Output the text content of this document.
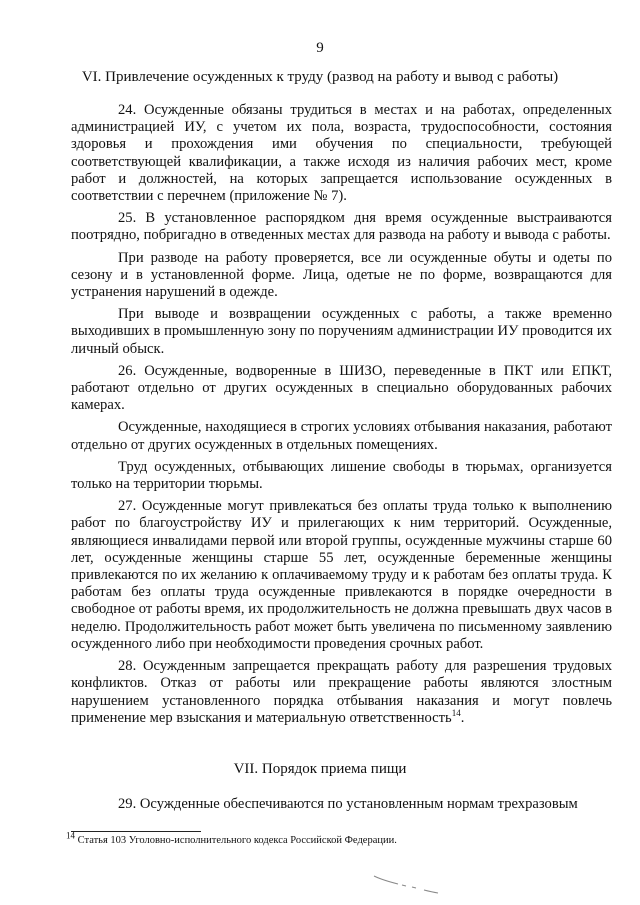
9
VI. Привлечение осужденных к труду (развод на работу и вывод с работы)

24. Осужденные обязаны трудиться в местах и на работах, определенных администрацией ИУ, с учетом их пола, возраста, трудоспособности, состояния здоровья и прохождения ими обучения по специальности, требующей соответствующей квалификации, а также исходя из наличия рабочих мест, кроме работ и должностей, на которых запрещается использование осужденных в соответствии с перечнем (приложение № 7).

25. В установленное распорядком дня время осужденные выстраиваются поотрядно, побригадно в отведенных местах для развода на работу и вывода с работы.

При разводе на работу проверяется, все ли осужденные обуты и одеты по сезону и в установленной форме. Лица, одетые не по форме, возвращаются для устранения нарушений в одежде.

При выводе и возвращении осужденных с работы, а также временно выходивших в промышленную зону по поручениям администрации ИУ проводится их личный обыск.

26. Осужденные, водворенные в ШИЗО, переведенные в ПКТ или ЕПКТ, работают отдельно от других осужденных в специально оборудованных рабочих камерах.

Осужденные, находящиеся в строгих условиях отбывания наказания, работают отдельно от других осужденных в отдельных помещениях.

Труд осужденных, отбывающих лишение свободы в тюрьмах, организуется только на территории тюрьмы.

27. Осужденные могут привлекаться без оплаты труда только к выполнению работ по благоустройству ИУ и прилегающих к ним территорий. Осужденные, являющиеся инвалидами первой или второй группы, осужденные мужчины старше 60 лет, осужденные женщины старше 55 лет, осужденные беременные женщины привлекаются по их желанию к оплачиваемому труду и к работам без оплаты труда. К работам без оплаты труда осужденные привлекаются в порядке очередности в свободное от работы время, их продолжительность не должна превышать двух часов в неделю. Продолжительность работ может быть увеличена по письменному заявлению осужденного либо при необходимости проведения срочных работ.

28. Осужденным запрещается прекращать работу для разрешения трудовых конфликтов. Отказ от работы или прекращение работы являются злостным нарушением установленного порядка отбывания наказания и могут повлечь применение мер взыскания и материальную ответственность$^{14}$.

VII. Порядок приема пищи
29. Осужденные обеспечиваются по установленным нормам трехразовым
$^{14}$ Статья 103 Уголовно-исполнительного кодекса Российской Федерации.
